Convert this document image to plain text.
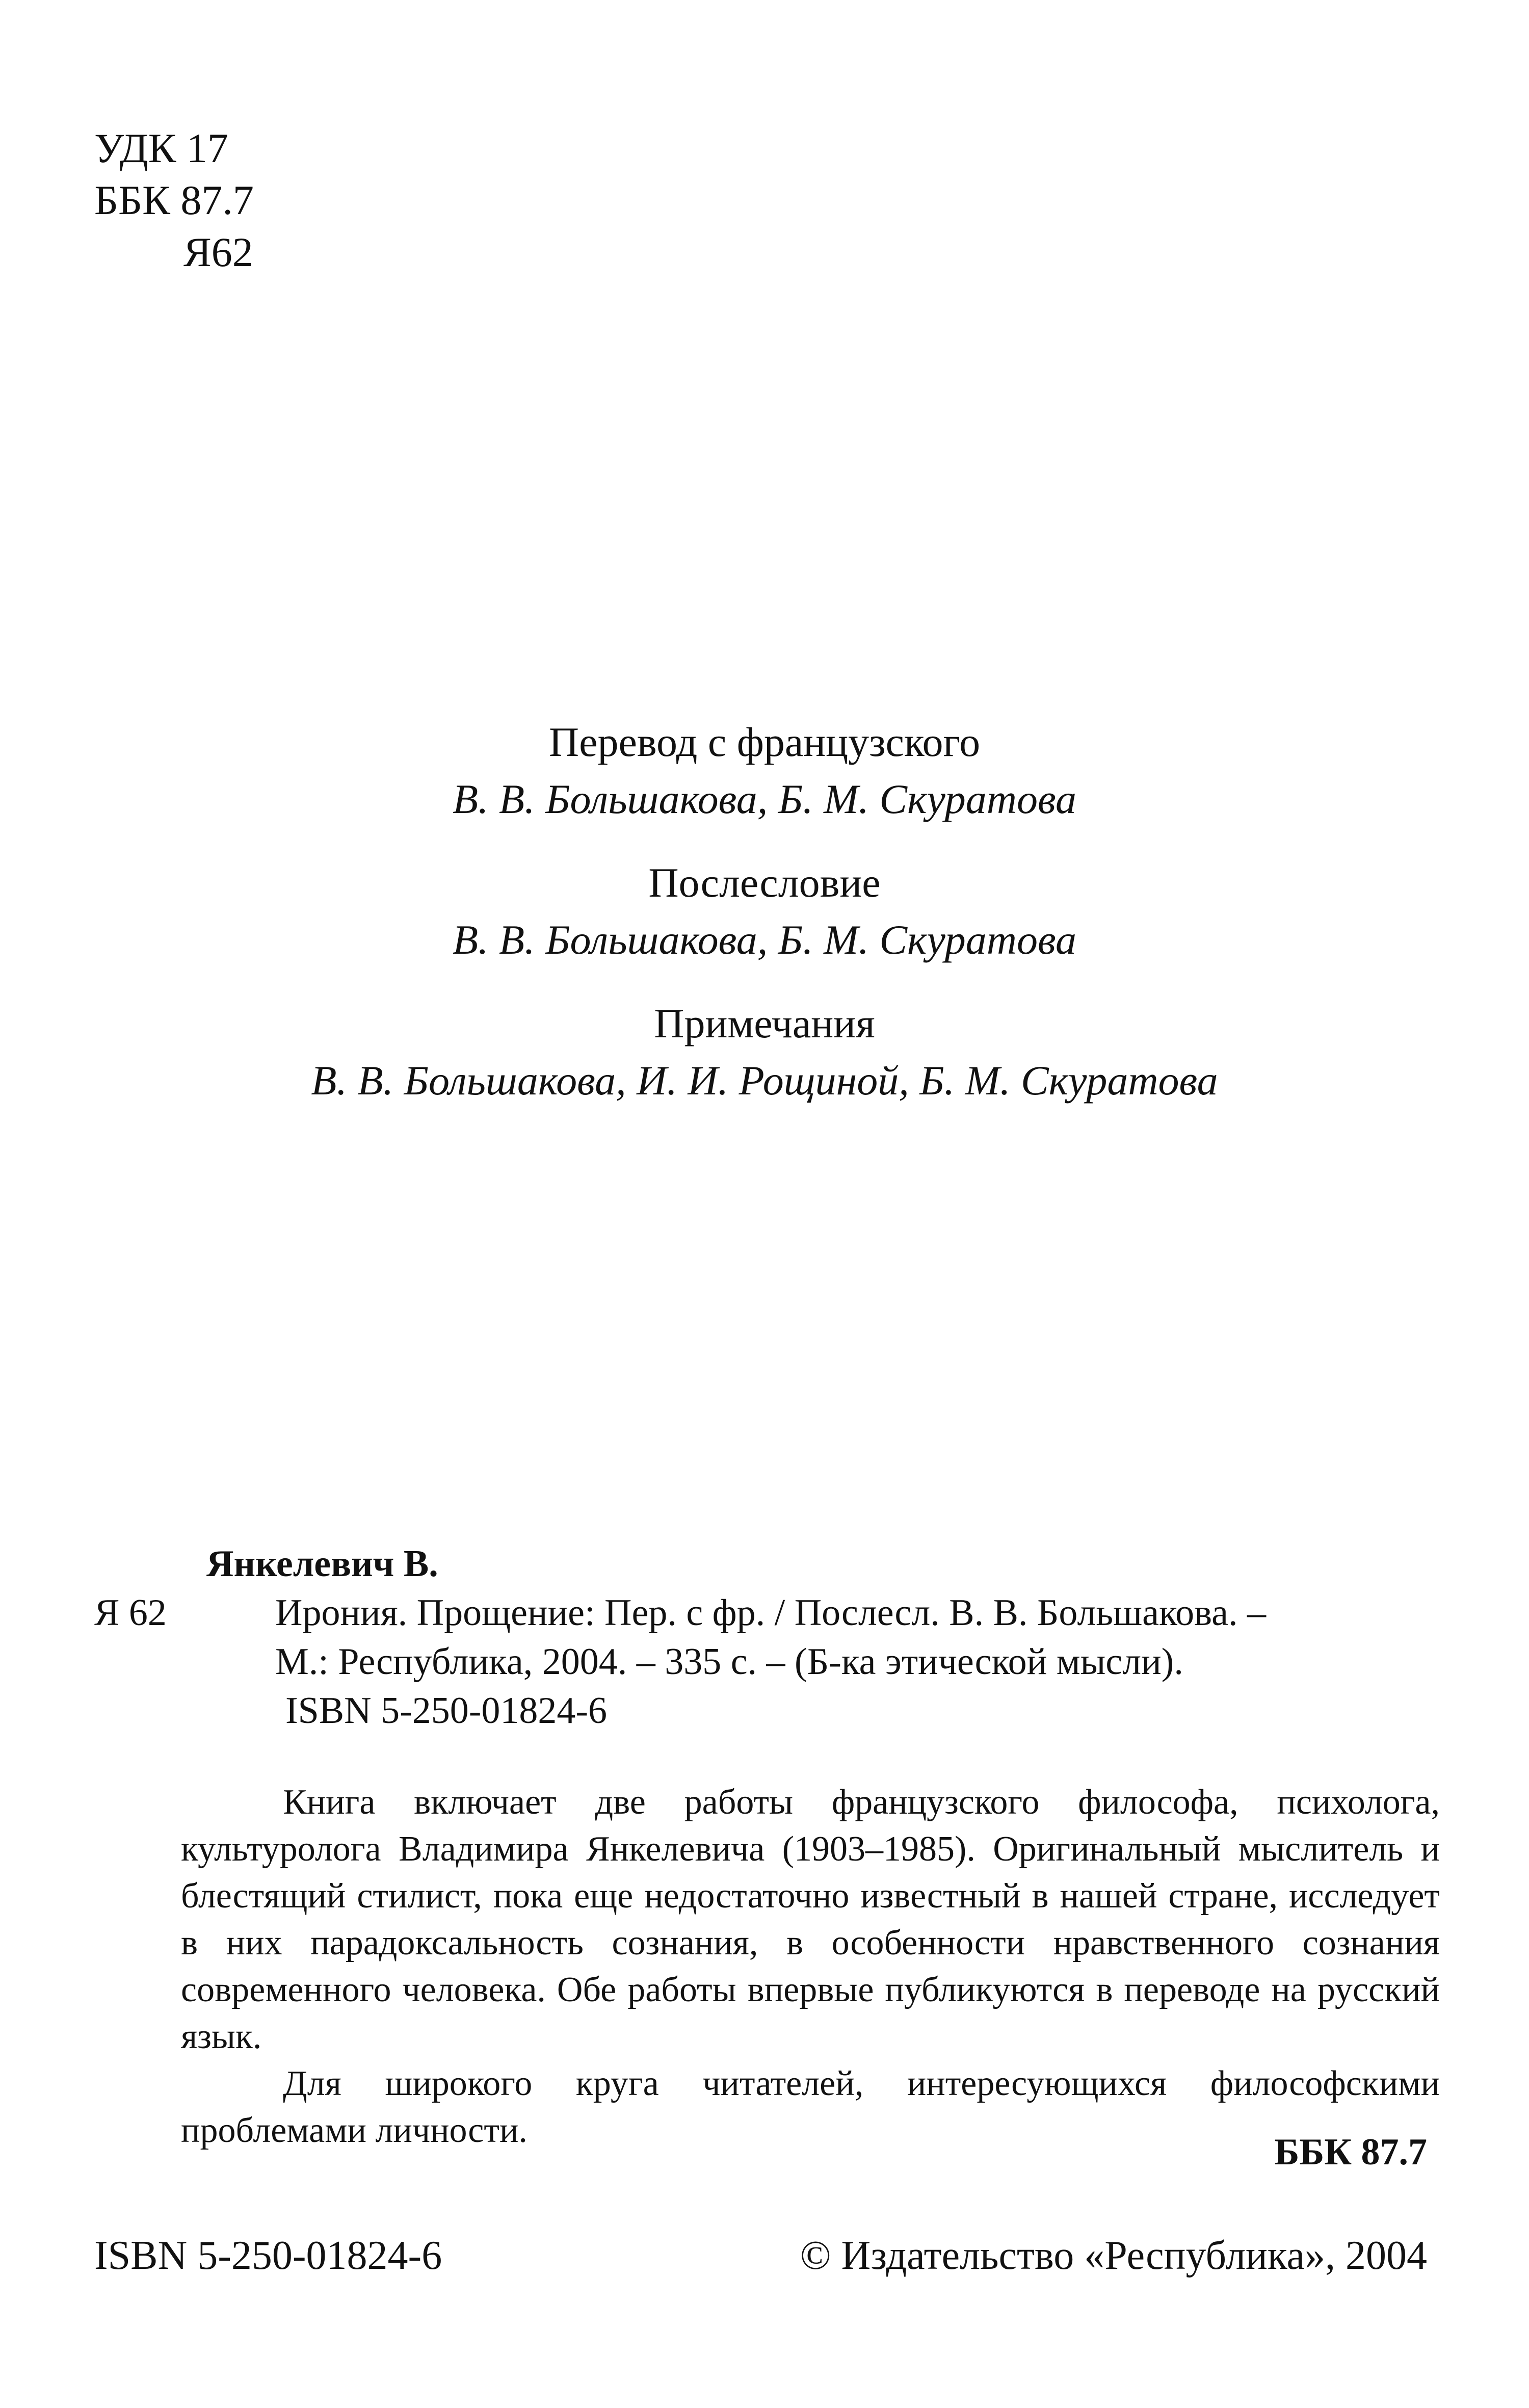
УДК 17
ББК 87.7
Я62
Перевод с французского
В. В. Большакова, Б. М. Скуратова
Послесловие
В. В. Большакова, Б. М. Скуратова
Примечания
В. В. Большакова, И. И. Рощиной, Б. М. Скуратова
Янкелевич В.
Я 62	Ирония. Прощение: Пер. с фр. / Послесл. В. В. Большакова. –
М.: Республика, 2004. – 335 с. – (Б-ка этической мысли).
ISBN 5-250-01824-6

Книга включает две работы французского философа, психолога, культуролога Владимира Янкелевича (1903–1985). Оригинальный мыслитель и блестящий стилист, пока еще недостаточно известный в нашей стране, исследует в них парадоксальность сознания, в особенности нравственного сознания современного человека. Обе работы впервые публикуются в переводе на русский язык.

Для широкого круга читателей, интересующихся философскими проблемами личности.

ББК 87.7
ISBN 5-250-01824-6	© Издательство «Республика», 2004
